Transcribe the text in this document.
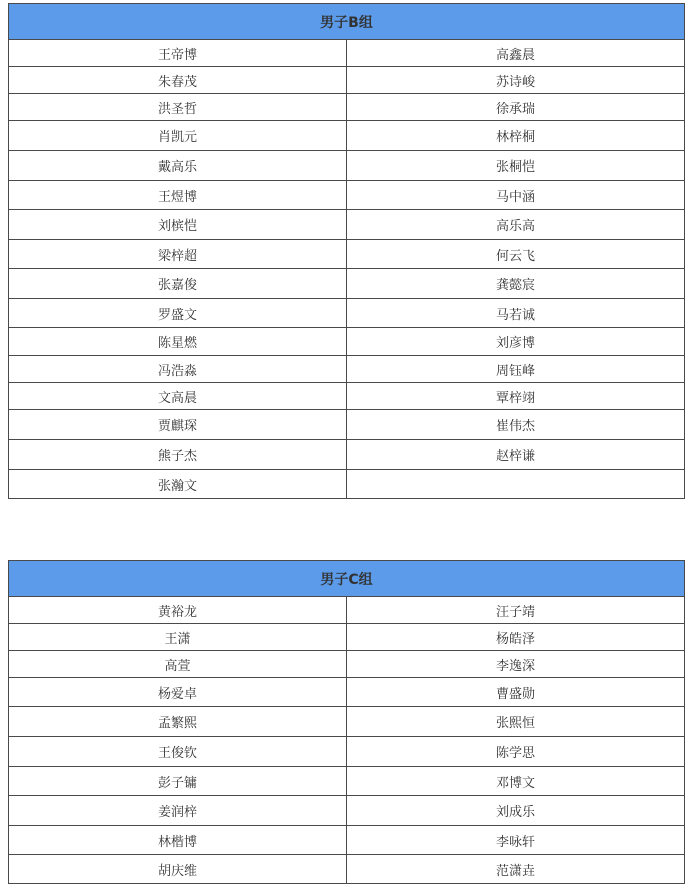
男子B组	
王帝博	高鑫晨
朱春茂	苏诗峻
洪圣哲	徐承瑞
肖凯元	林梓桐
戴高乐	张桐恺
王煜博	马中涵
刘槟恺	高乐高
梁梓超	何云飞
张嘉俊	龚懿宸
罗盛文	马若诚
陈星燃	刘彦博
冯浩淼	周钰峰
文高晨	覃梓翊
贾麒琛	崔伟杰
熊子杰	赵梓谦
张瀚文	
男子C组	
黄裕龙	汪子靖
王潇	杨皓泽
高萱	李逸深
杨爱卓	曹盛勋
孟繁熙	张熙恒
王俊钦	陈学思
彭子镛	邓博文
姜润梓	刘成乐
林楷博	李咏轩
胡庆维	范潇垚
